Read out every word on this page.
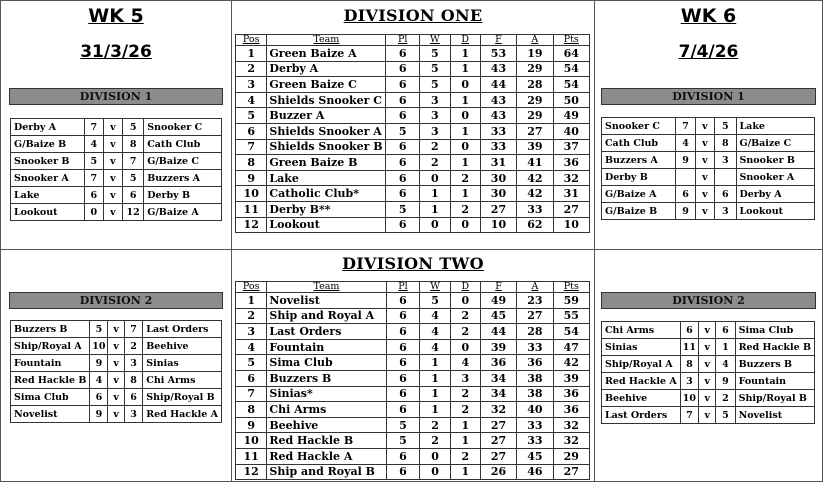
WK 5
31/3/26
DIVISION 1
Derby A	7	v	5	Snooker C
G/Baize B	4	v	8	Cath Club
Snooker B	5	v	7	G/Baize C
Snooker A	7	v	5	Buzzers A
Lake	6	v	6	Derby B
Lookout	0	v	12	G/Baize A
DIVISION ONE
Pos	Team	Pl	W	D	F	A	Pts
1	Green Baize A	6	5	1	53	19	64
2	Derby A	6	5	1	43	29	54
3	Green Baize C	6	5	0	44	28	54
4	Shields Snooker C	6	3	1	43	29	50
5	Buzzer A	6	3	0	43	29	49
6	Shields Snooker A	5	3	1	33	27	40
7	Shields Snooker B	6	2	0	33	39	37
8	Green Baize B	6	2	1	31	41	36
9	Lake	6	0	2	30	42	32
10	Catholic Club*	6	1	1	30	42	31
11	Derby B**	5	1	2	27	33	27
12	Lookout	6	0	0	10	62	10
WK 6
7/4/26
DIVISION 1
Snooker C	7	v	5	Lake
Cath Club	4	v	8	G/Baize C
Buzzers A	9	v	3	Snooker B
Derby B		v		Snooker A
G/Baize A	6	v	6	Derby A
G/Baize B	9	v	3	Lookout
DIVISION 2
Buzzers B	5	v	7	Last Orders
Ship/Royal A	10	v	2	Beehive
Fountain	9	v	3	Sinias
Red Hackle B	4	v	8	Chi Arms
Sima Club	6	v	6	Ship/Royal B
Novelist	9	v	3	Red Hackle A
DIVISION TWO
Pos	Team	Pl	W	D	F	A	Pts
1	Novelist	6	5	0	49	23	59
2	Ship and Royal A	6	4	2	45	27	55
3	Last Orders	6	4	2	44	28	54
4	Fountain	6	4	0	39	33	47
5	Sima Club	6	1	4	36	36	42
6	Buzzers B	6	1	3	34	38	39
7	Sinias*	6	1	2	34	38	36
8	Chi Arms	6	1	2	32	40	36
9	Beehive	5	2	1	27	33	32
10	Red Hackle B	5	2	1	27	33	32
11	Red Hackle A	6	0	2	27	45	29
12	Ship and Royal B	6	0	1	26	46	27
DIVISION 2
Chi Arms	6	v	6	Sima Club
Sinias	11	v	1	Red Hackle B
Ship/Royal A	8	v	4	Buzzers B
Red Hackle A	3	v	9	Fountain
Beehive	10	v	2	Ship/Royal B
Last Orders	7	v	5	Novelist
